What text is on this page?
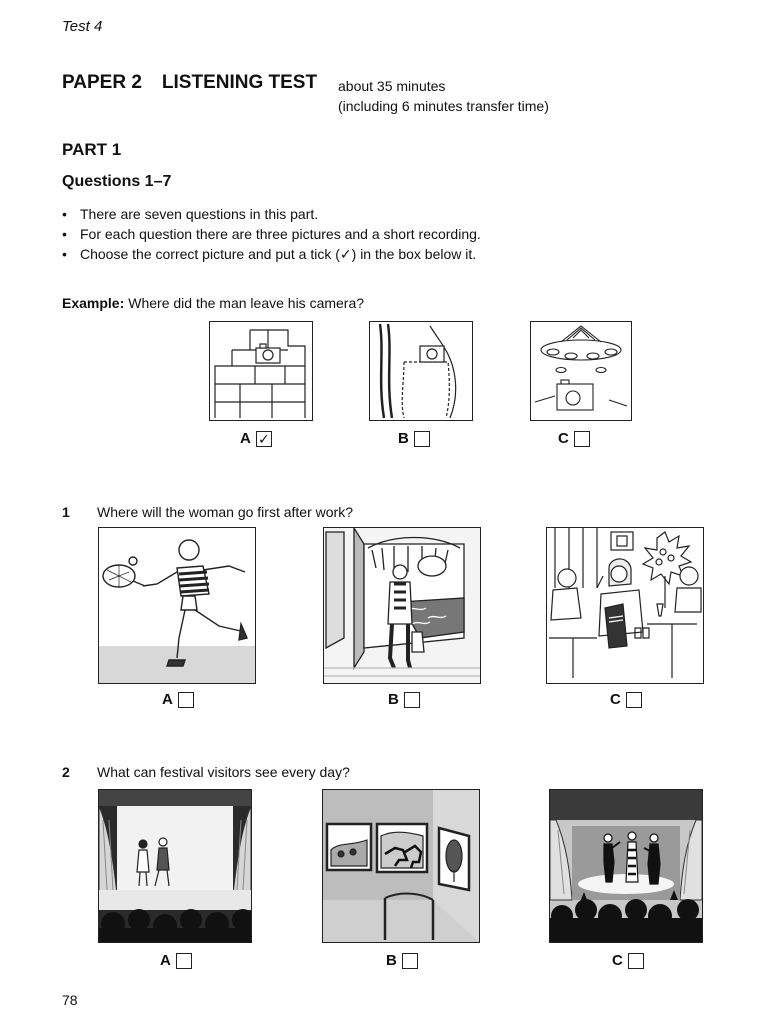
Test 4
PAPER 2 LISTENING TEST about 35 minutes
(including 6 minutes transfer time)
PART 1
Questions 1–7
• There are seven questions in this part.
• For each question there are three pictures and a short recording.
• Choose the correct picture and put a tick (✓) in the box below it.
Example: Where did the man leave his camera?
A ✓	B	C
1 Where will the woman go first after work?
A	B	C
2 What can festival visitors see every day?
A	B	C
78
